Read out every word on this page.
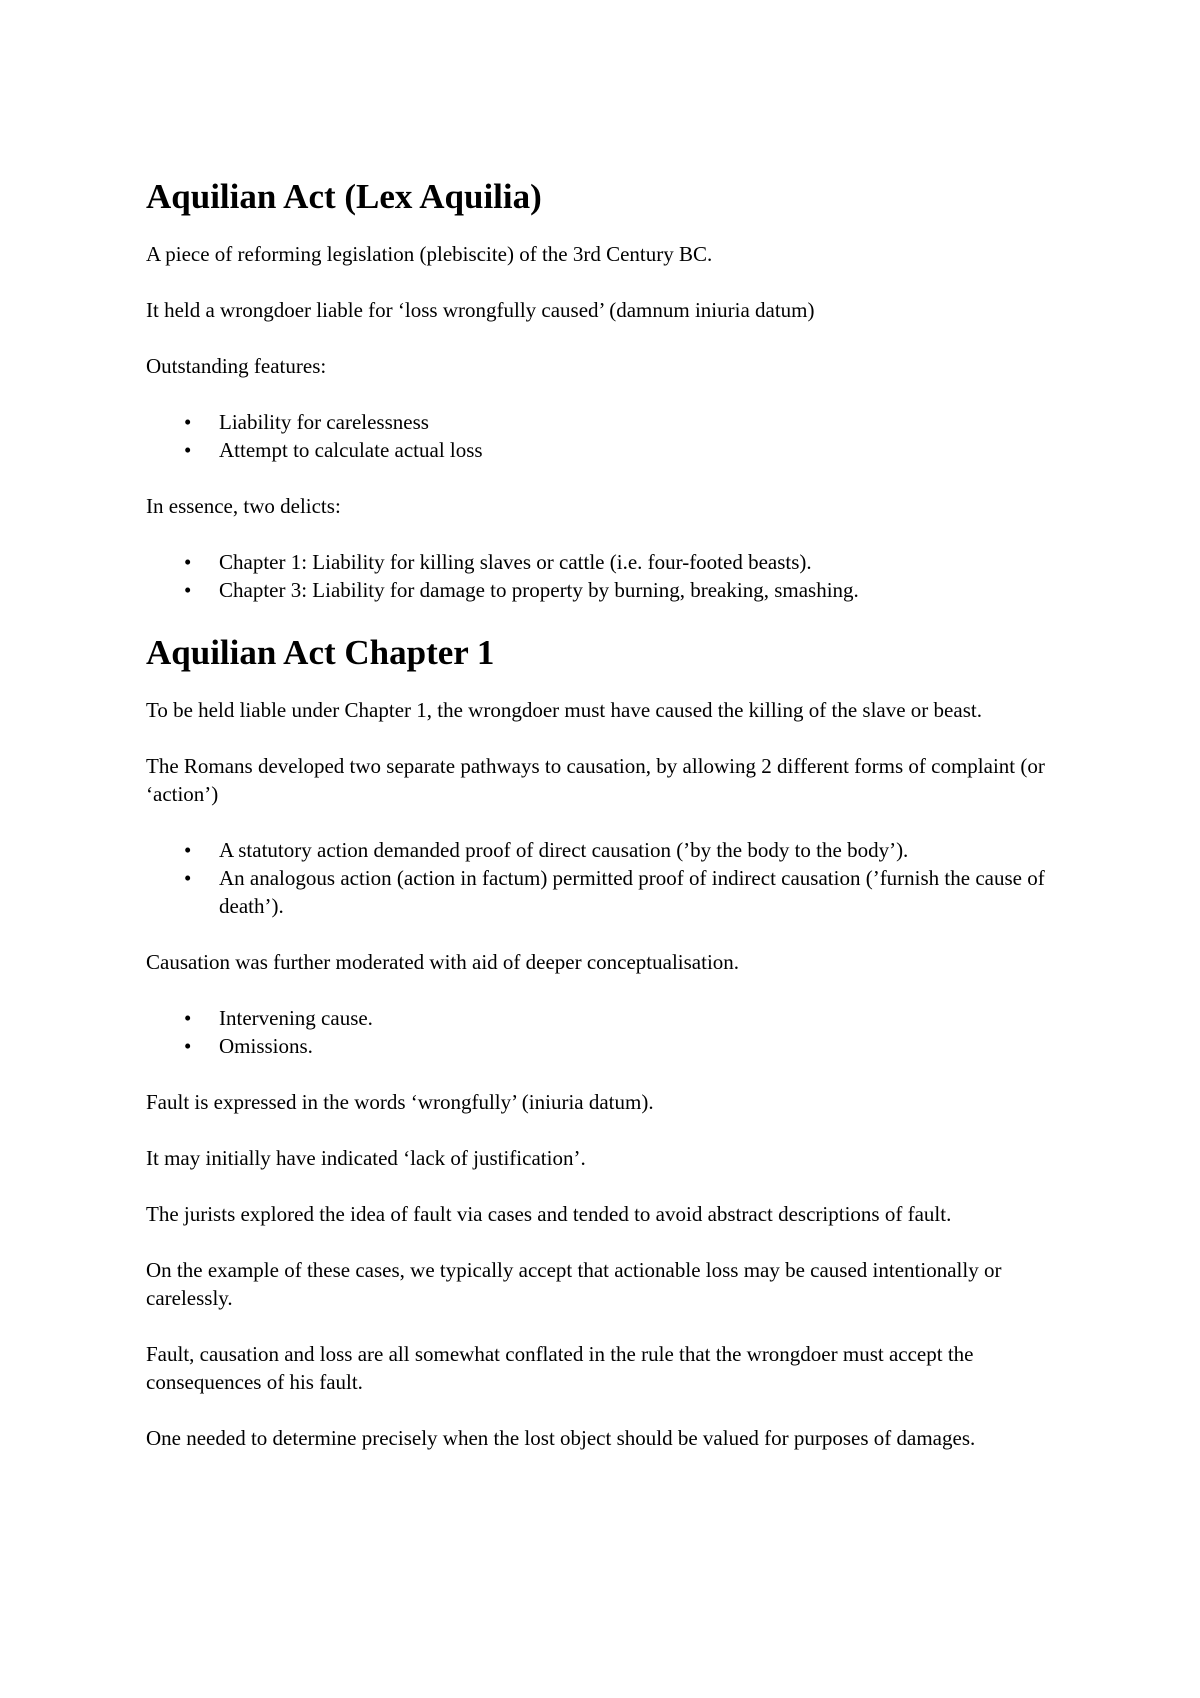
Aquilian Act (Lex Aquilia)

A piece of reforming legislation (plebiscite) of the 3rd Century BC.

It held a wrongdoer liable for ‘loss wrongfully caused’ (damnum iniuria datum)

Outstanding features:

• Liability for carelessness
• Attempt to calculate actual loss

In essence, two delicts:

• Chapter 1: Liability for killing slaves or cattle (i.e. four-footed beasts).
• Chapter 3: Liability for damage to property by burning, breaking, smashing.
Aquilian Act Chapter 1

To be held liable under Chapter 1, the wrongdoer must have caused the killing of the slave or beast.

The Romans developed two separate pathways to causation, by allowing 2 different forms of complaint (or ‘action’)

• A statutory action demanded proof of direct causation (’by the body to the body’).
• An analogous action (action in factum) permitted proof of indirect causation (’furnish the cause of death’).

Causation was further moderated with aid of deeper conceptualisation.

• Intervening cause.
• Omissions.

Fault is expressed in the words ‘wrongfully’ (iniuria datum).

It may initially have indicated ‘lack of justification’.

The jurists explored the idea of fault via cases and tended to avoid abstract descriptions of fault.

On the example of these cases, we typically accept that actionable loss may be caused intentionally or carelessly.

Fault, causation and loss are all somewhat conflated in the rule that the wrongdoer must accept the consequences of his fault.

One needed to determine precisely when the lost object should be valued for purposes of damages.
